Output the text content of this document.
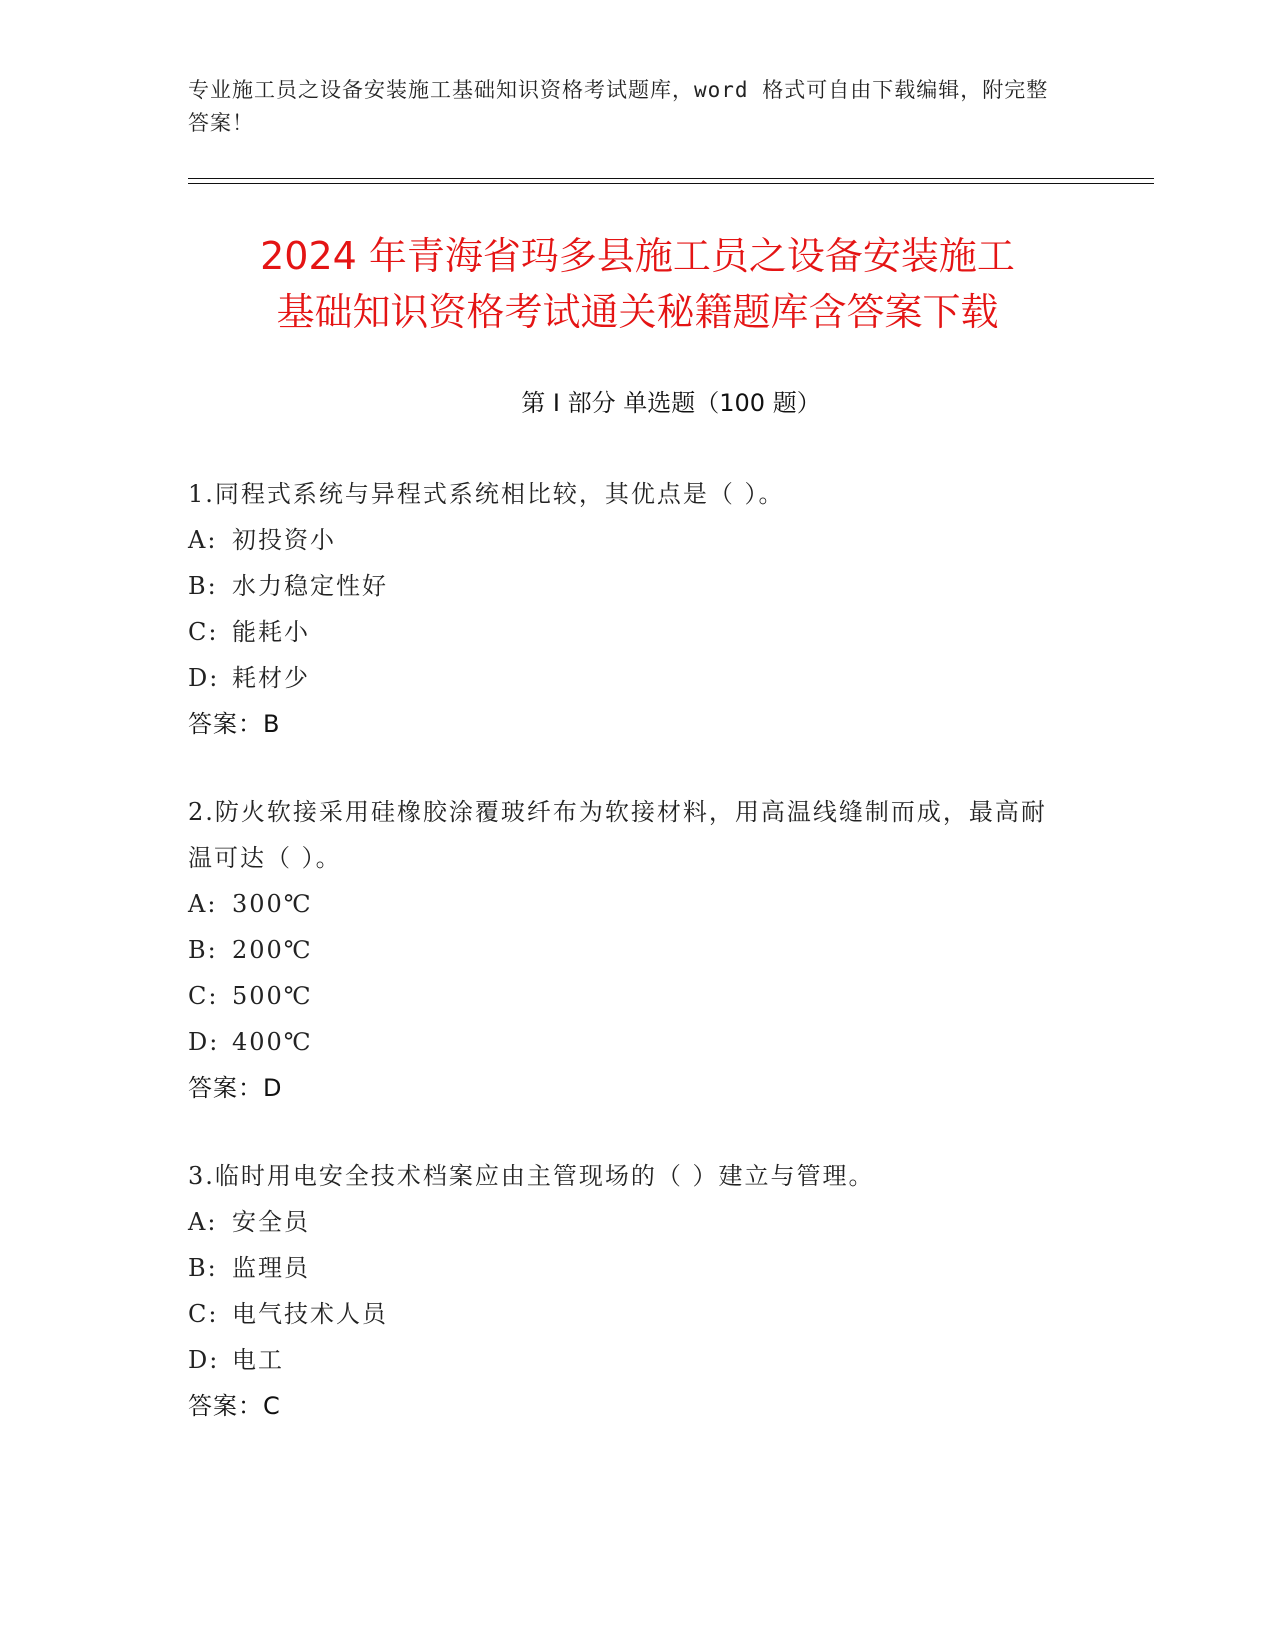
专业施工员之设备安装施工基础知识资格考试题库，word 格式可自由下载编辑，附完整答案！
2024 年青海省玛多县施工员之设备安装施工
基础知识资格考试通关秘籍题库含答案下载
第 I 部分 单选题（100 题）
1.同程式系统与异程式系统相比较，其优点是（ ）。
A: 初投资小
B: 水力稳定性好
C: 能耗小
D: 耗材少
答案：B
2.防火软接采用硅橡胶涂覆玻纤布为软接材料，用高温线缝制而成，最高耐温可达（ ）。
A: 300℃
B: 200℃
C: 500℃
D: 400℃
答案：D
3.临时用电安全技术档案应由主管现场的（ ）建立与管理。
A: 安全员
B: 监理员
C: 电气技术人员
D: 电工
答案：C
